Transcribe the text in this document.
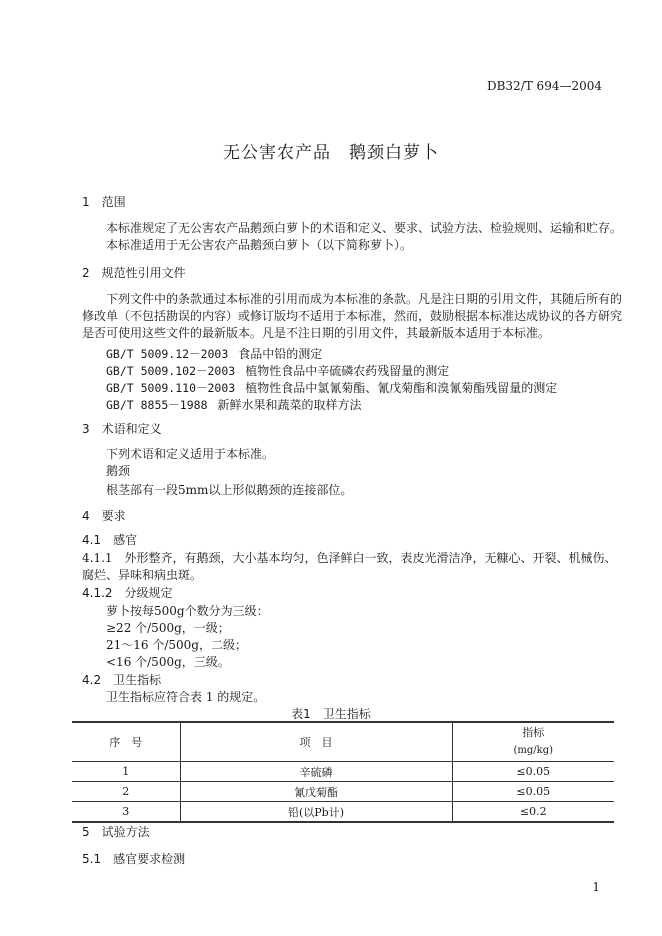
DB32/T 694—2004
无公害农产品　鹅颈白萝卜
1　范围
本标准规定了无公害农产品鹅颈白萝卜的术语和定义、要求、试验方法、检验规则、运输和贮存。
本标准适用于无公害农产品鹅颈白萝卜（以下简称萝卜）。
2　规范性引用文件
下列文件中的条款通过本标准的引用而成为本标准的条款。凡是注日期的引用文件，其随后所有的
修改单（不包括勘误的内容）或修订版均不适用于本标准，然而，鼓励根据本标准达成协议的各方研究
是否可使用这些文件的最新版本。凡是不注日期的引用文件，其最新版本适用于本标准。
GB/T 5009.12－2003 食品中铅的测定
GB/T 5009.102－2003 植物性食品中辛硫磷农药残留量的测定
GB/T 5009.110－2003 植物性食品中氯氰菊酯、氰戊菊酯和溴氰菊酯残留量的测定
GB/T 8855－1988 新鲜水果和蔬菜的取样方法
3　术语和定义
下列术语和定义适用于本标准。
鹅颈
根茎部有一段5mm以上形似鹅颈的连接部位。
4　要求
4.1　感官
4.1.1　外形整齐，有鹅颈，大小基本均匀，色泽鲜白一致，表皮光滑洁净，无糠心、开裂、机械伤、
腐烂、异味和病虫斑。
4.1.2　分级规定
萝卜按每500g个数分为三级：
≥22 个/500g，一级；
21～16 个/500g，二级；
<16 个/500g，三级。
4.2　卫生指标
卫生指标应符合表 1 的规定。
表1　卫生指标
序　号	项　目	指标
(mg/kg)

1	辛硫磷	≤0.05
2	氰戊菊酯	≤0.05
3	铅(以Pb计)	≤0.2
5　试验方法
5.1　感官要求检测
1
